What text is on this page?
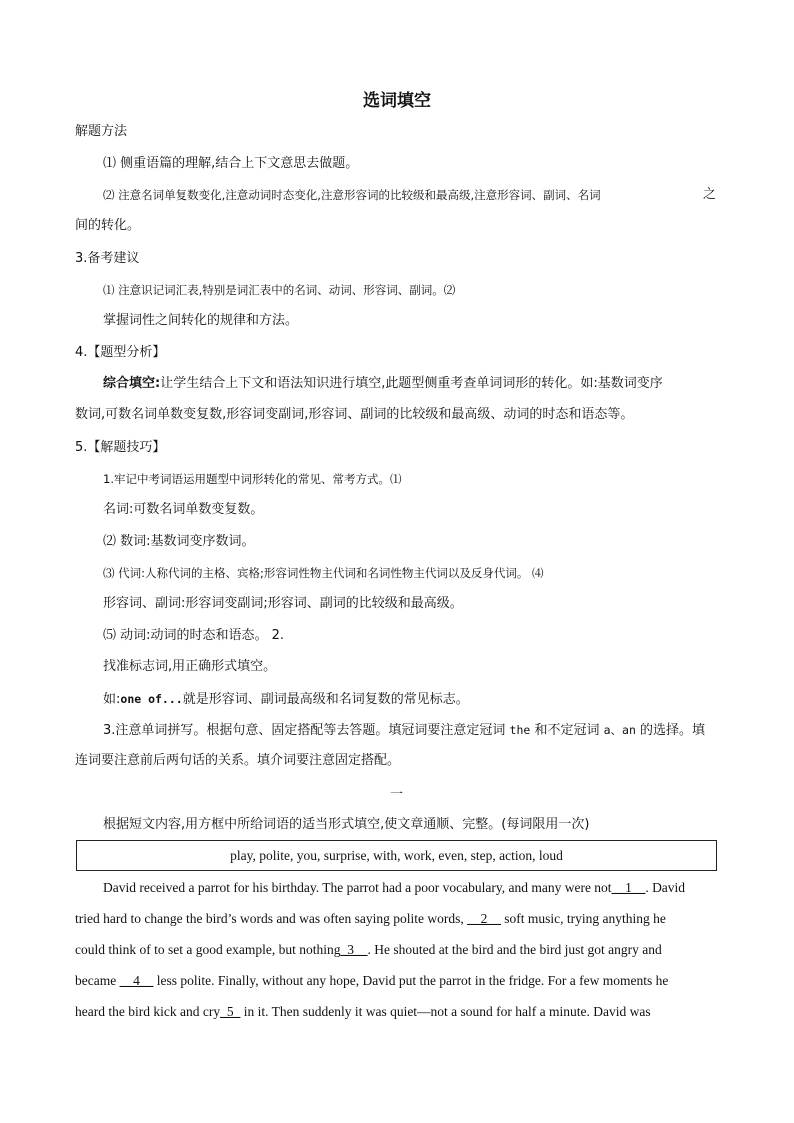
选词填空
解题方法
⑴ 侧重语篇的理解,结合上下文意思去做题。
⑵ 注意名词单复数变化,注意动词时态变化,注意形容词的比较级和最高级,注意形容词、副词、名词	之
间的转化。
3.备考建议
⑴ 注意识记词汇表,特别是词汇表中的名词、动词、形容词、副词。⑵
掌握词性之间转化的规律和方法。
4.【题型分析】
综合填空:让学生结合上下文和语法知识进行填空,此题型侧重考查单词词形的转化。如:基数词变序
数词,可数名词单数变复数,形容词变副词,形容词、副词的比较级和最高级、动词的时态和语态等。
5.【解题技巧】
1.牢记中考词语运用题型中词形转化的常见、常考方式。⑴
名词:可数名词单数变复数。
⑵ 数词:基数词变序数词。
⑶ 代词:人称代词的主格、宾格;形容词性物主代词和名词性物主代词以及反身代词。 ⑷
形容词、副词:形容词变副词;形容词、副词的比较级和最高级。
⑸ 动词:动词的时态和语态。 2.
找准标志词,用正确形式填空。
如:one of...就是形容词、副词最高级和名词复数的常见标志。
3.注意单词拼写。根据句意、固定搭配等去答题。填冠词要注意定冠词 the 和不定冠词 a、an 的选择。填
连词要注意前后两句话的关系。填介词要注意固定搭配。
一
根据短文内容,用方框中所给词语的适当形式填空,使文章通顺、完整。(每词限用一次)
play, polite, you, surprise, with, work, even, step, action, loud
David received a parrot for his birthday. The parrot had a poor vocabulary, and many were not__1__. David
tried hard to change the bird’s words and was often saying polite words, __2__ soft music, trying anything he
could think of to set a good example, but nothing_3__. He shouted at the bird and the bird just got angry and
became __4__ less polite. Finally, without any hope, David put the parrot in the fridge. For a few moments he
heard the bird kick and cry_5_ in it. Then suddenly it was quiet—not a sound for half a minute. David was
